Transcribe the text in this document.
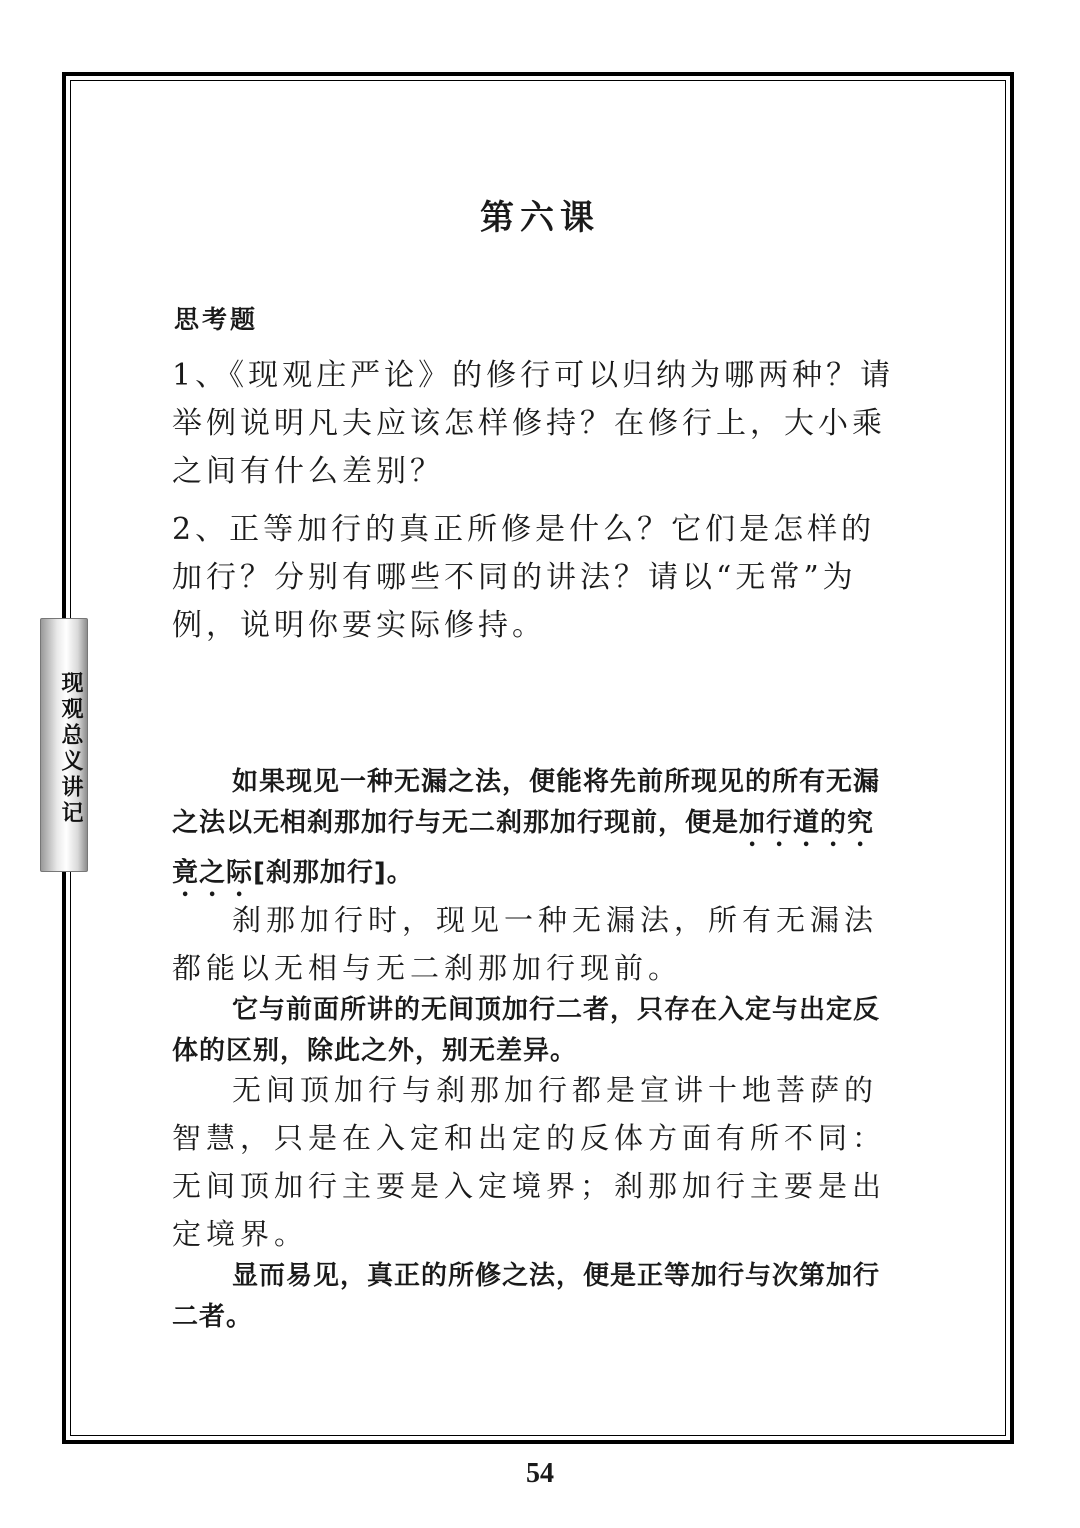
现观总义讲记
第六课
思考题
1、《现观庄严论》的修行可以归纳为哪两种？请举例说明凡夫应该怎样修持？在修行上，大小乘之间有什么差别？
2、正等加行的真正所修是什么？它们是怎样的加行？分别有哪些不同的讲法？请以“无常”为例，说明你要实际修持。

如果现见一种无漏之法，便能将先前所现见的所有无漏之法以无相刹那加行与无二刹那加行现前，便是加行道的究竟之际[刹那加行]。

刹那加行时，现见一种无漏法，所有无漏法都能以无相与无二刹那加行现前。

它与前面所讲的无间顶加行二者，只存在入定与出定反体的区别，除此之外，别无差异。

无间顶加行与刹那加行都是宣讲十地菩萨的智慧，只是在入定和出定的反体方面有所不同：无间顶加行主要是入定境界；刹那加行主要是出定境界。

显而易见，真正的所修之法，便是正等加行与次第加行二者。

54
